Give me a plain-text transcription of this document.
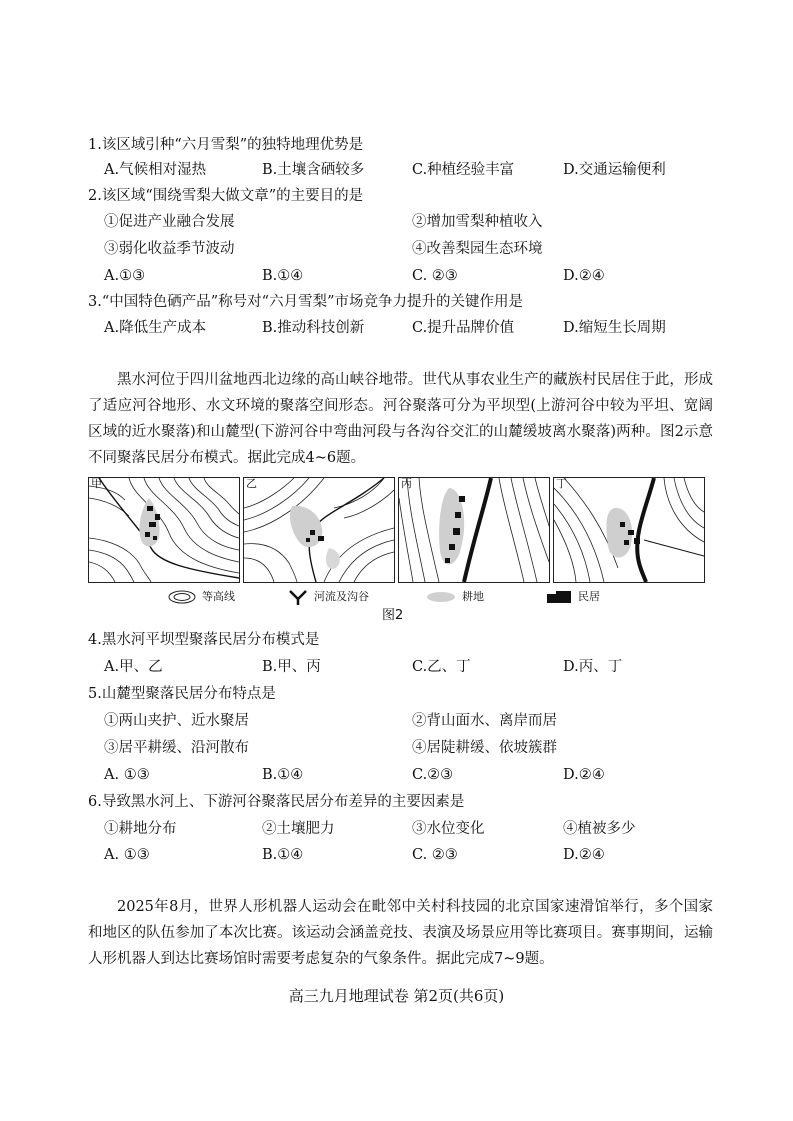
1.该区域引种“六月雪梨”的独特地理优势是
A.气候相对湿热	B.土壤含硒较多	C.种植经验丰富	D.交通运输便利
2.该区域“围绕雪梨大做文章”的主要目的是
①促进产业融合发展	②增加雪梨种植收入
③弱化收益季节波动	④改善梨园生态环境
A.①③	B.①④	C. ②③	D.②④
3.“中国特色硒产品”称号对“六月雪梨”市场竞争力提升的关键作用是
A.降低生产成本	B.推动科技创新	C.提升品牌价值	D.缩短生长周期
黑水河位于四川盆地西北边缘的高山峡谷地带。世代从事农业生产的藏族村民居住于此，形成了适应河谷地形、水文环境的聚落空间形态。河谷聚落可分为平坝型(上游河谷中较为平坦、宽阔区域的近水聚落)和山麓型(下游河谷中弯曲河段与各沟谷交汇的山麓缓坡离水聚落)两种。图2示意不同聚落民居分布模式。据此完成4~6题。
甲	乙	丙	丁
等高线	河流及沟谷	耕地	民居
图2
4.黑水河平坝型聚落民居分布模式是
A.甲、乙	B.甲、丙	C.乙、丁	D.丙、丁
5.山麓型聚落民居分布特点是
①两山夹护、近水聚居	②背山面水、离岸而居
③居平耕缓、沿河散布	④居陡耕缓、依坡簇群
A. ①③	B.①④	C.②③	D.②④
6.导致黑水河上、下游河谷聚落民居分布差异的主要因素是
①耕地分布	②土壤肥力	③水位变化	④植被多少
A. ①③	B.①④	C. ②③	D.②④
2025年8月，世界人形机器人运动会在毗邻中关村科技园的北京国家速滑馆举行，多个国家和地区的队伍参加了本次比赛。该运动会涵盖竞技、表演及场景应用等比赛项目。赛事期间，运输人形机器人到达比赛场馆时需要考虑复杂的气象条件。据此完成7~9题。
高三九月地理试卷 第2页(共6页)
